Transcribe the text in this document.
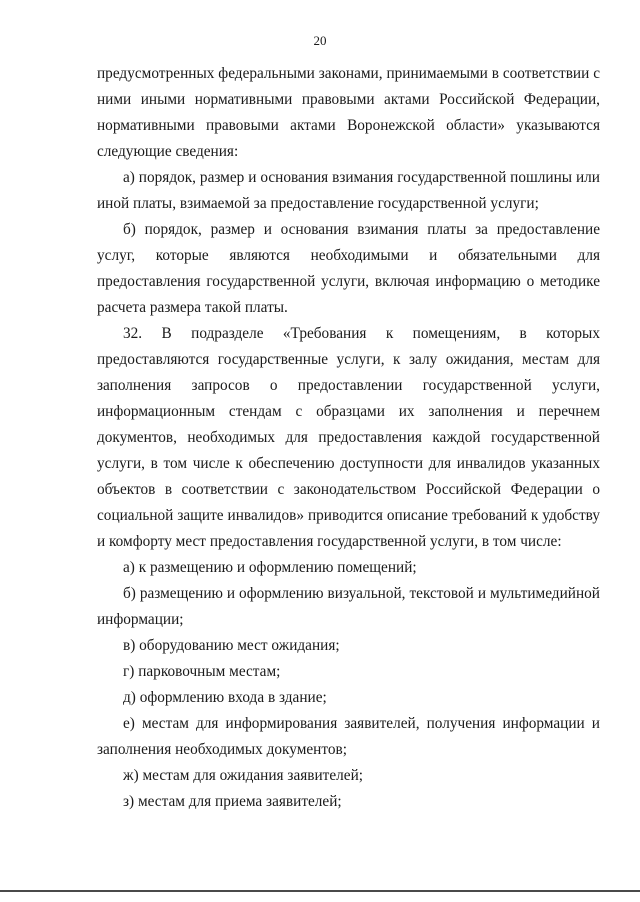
20

предусмотренных федеральными законами, принимаемыми в соответствии с ними иными нормативными правовыми актами Российской Федерации, нормативными правовыми актами Воронежской области» указываются следующие сведения:

а) порядок, размер и основания взимания государственной пошлины или иной платы, взимаемой за предоставление государственной услуги;

б) порядок, размер и основания взимания платы за предоставление услуг, которые являются необходимыми и обязательными для предоставления государственной услуги, включая информацию о методике расчета размера такой платы.

32. В подразделе «Требования к помещениям, в которых предоставляются государственные услуги, к залу ожидания, местам для заполнения запросов о предоставлении государственной услуги, информационным стендам с образцами их заполнения и перечнем документов, необходимых для предоставления каждой государственной услуги, в том числе к обеспечению доступности для инвалидов указанных объектов в соответствии с законодательством Российской Федерации о социальной защите инвалидов» приводится описание требований к удобству и комфорту мест предоставления государственной услуги, в том числе:

а) к размещению и оформлению помещений;

б) размещению и оформлению визуальной, текстовой и мультимедийной информации;

в) оборудованию мест ожидания;

г) парковочным местам;

д) оформлению входа в здание;

е) местам для информирования заявителей, получения информации и заполнения необходимых документов;

ж) местам для ожидания заявителей;

з) местам для приема заявителей;
